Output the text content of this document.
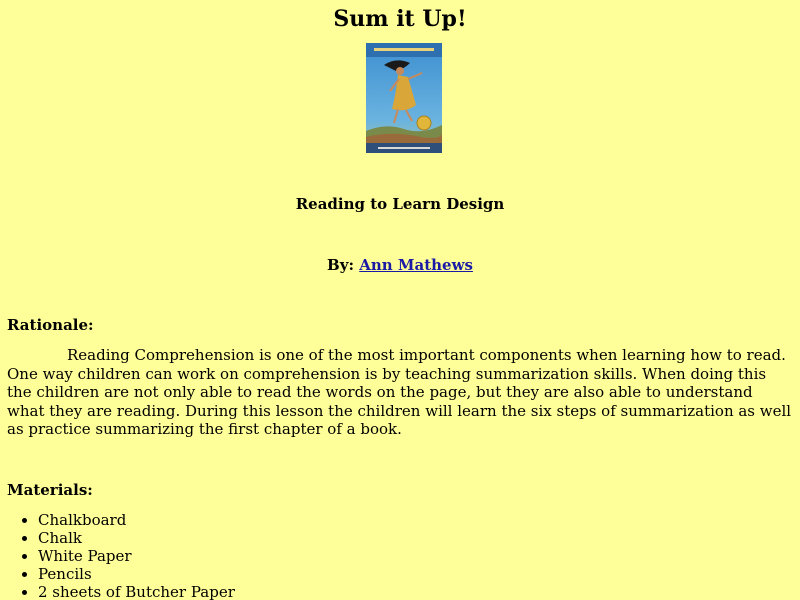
Sum it Up!
Reading to Learn Design
By: Ann Mathews
Rationale:

Reading Comprehension is one of the most important components when learning how to read. One way children can work on comprehension is by teaching summarization skills. When doing this the children are not only able to read the words on the page, but they are also able to understand what they are reading. During this lesson the children will learn the six steps of summarization as well as practice summarizing the first chapter of a book.

Materials:
• Chalkboard
• Chalk
• White Paper
• Pencils
• 2 sheets of Butcher Paper
